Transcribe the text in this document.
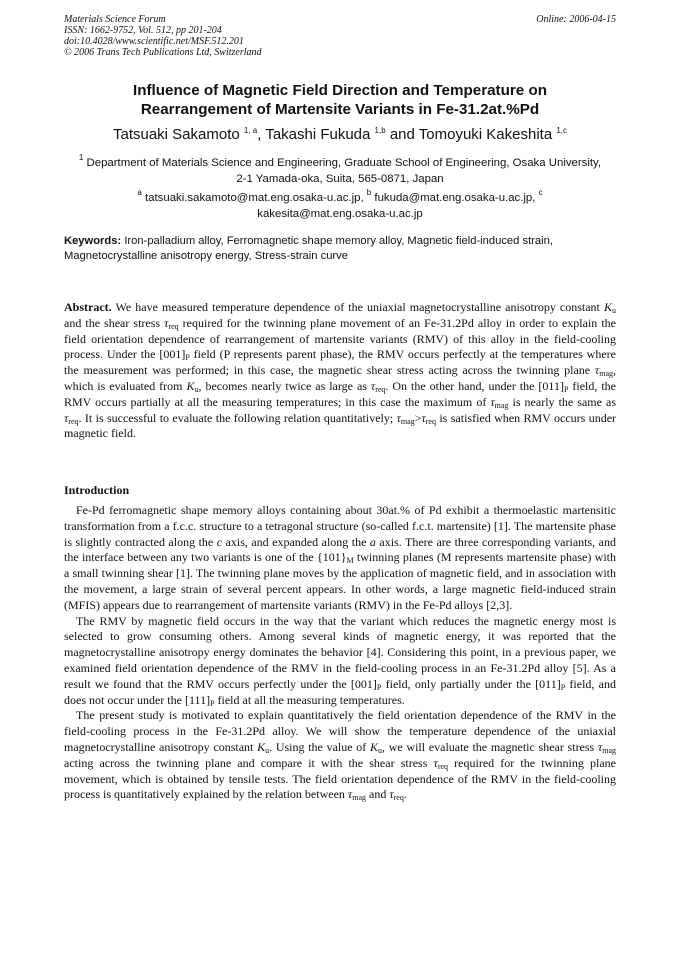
Materials Science Forum
ISSN: 1662-9752, Vol. 512, pp 201-204
doi:10.4028/www.scientific.net/MSF.512.201
© 2006 Trans Tech Publications Ltd, Switzerland
Online: 2006-04-15
Influence of Magnetic Field Direction and Temperature on
Rearrangement of Martensite Variants in Fe-31.2at.%Pd
Tatsuaki Sakamoto $^{1, a}$, Takashi Fukuda $^{1,b}$ and Tomoyuki Kakeshita $^{1,c}$
$^1$ Department of Materials Science and Engineering, Graduate School of Engineering, Osaka University, 2-1 Yamada-oka, Suita, 565-0871, Japan
$^a$ tatsuaki.sakamoto@mat.eng.osaka-u.ac.jp, $^b$ fukuda@mat.eng.osaka-u.ac.jp, $^c$ kakesita@mat.eng.osaka-u.ac.jp
Keywords: Iron-palladium alloy, Ferromagnetic shape memory alloy, Magnetic field-induced strain, Magnetocrystalline anisotropy energy, Stress-strain curve
Abstract. We have measured temperature dependence of the uniaxial magnetocrystalline anisotropy constant $K_u$ and the shear stress $\tau_{req}$ required for the twinning plane movement of an Fe-31.2Pd alloy in order to explain the field orientation dependence of rearrangement of martensite variants (RMV) of this alloy in the field-cooling process. Under the $[001]_P$ field (P represents parent phase), the RMV occurs perfectly at the temperatures where the measurement was performed; in this case, the magnetic shear stress acting across the twinning plane $\tau_{mag}$, which is evaluated from $K_u$, becomes nearly twice as large as $\tau_{req}$. On the other hand, under the $[011]_P$ field, the RMV occurs partially at all the measuring temperatures; in this case the maximum of $\tau_{mag}$ is nearly the same as $\tau_{req}$. It is successful to evaluate the following relation quantitatively; $\tau_{mag}>\tau_{req}$ is satisfied when RMV occurs under magnetic field.
Introduction

Fe-Pd ferromagnetic shape memory alloys containing about 30at.% of Pd exhibit a thermoelastic martensitic transformation from a f.c.c. structure to a tetragonal structure (so-called f.c.t. martensite) [1]. The martensite phase is slightly contracted along the c axis, and expanded along the a axis. There are three corresponding variants, and the interface between any two variants is one of the $\{101\}_M$ twinning planes (M represents martensite phase) with a small twinning shear [1]. The twinning plane moves by the application of magnetic field, and in association with the movement, a large strain of several percent appears. In other words, a large magnetic field-induced strain (MFIS) appears due to rearrangement of martensite variants (RMV) in the Fe-Pd alloys [2,3].

The RMV by magnetic field occurs in the way that the variant which reduces the magnetic energy most is selected to grow consuming others. Among several kinds of magnetic energy, it was reported that the magnetocrystalline anisotropy energy dominates the behavior [4]. Considering this point, in a previous paper, we examined field orientation dependence of the RMV in the field-cooling process in an Fe-31.2Pd alloy [5]. As a result we found that the RMV occurs perfectly under the $[001]_P$ field, only partially under the $[011]_P$ field, and does not occur under the $[111]_P$ field at all the measuring temperatures.

The present study is motivated to explain quantitatively the field orientation dependence of the RMV in the field-cooling process in the Fe-31.2Pd alloy. We will show the temperature dependence of the uniaxial magnetocrystalline anisotropy constant $K_u$. Using the value of $K_u$, we will evaluate the magnetic shear stress $\tau_{mag}$ acting across the twinning plane and compare it with the shear stress $\tau_{req}$ required for the twinning plane movement, which is obtained by tensile tests. The field orientation dependence of the RMV in the field-cooling process is quantitatively explained by the relation between $\tau_{mag}$ and $\tau_{req}$.
